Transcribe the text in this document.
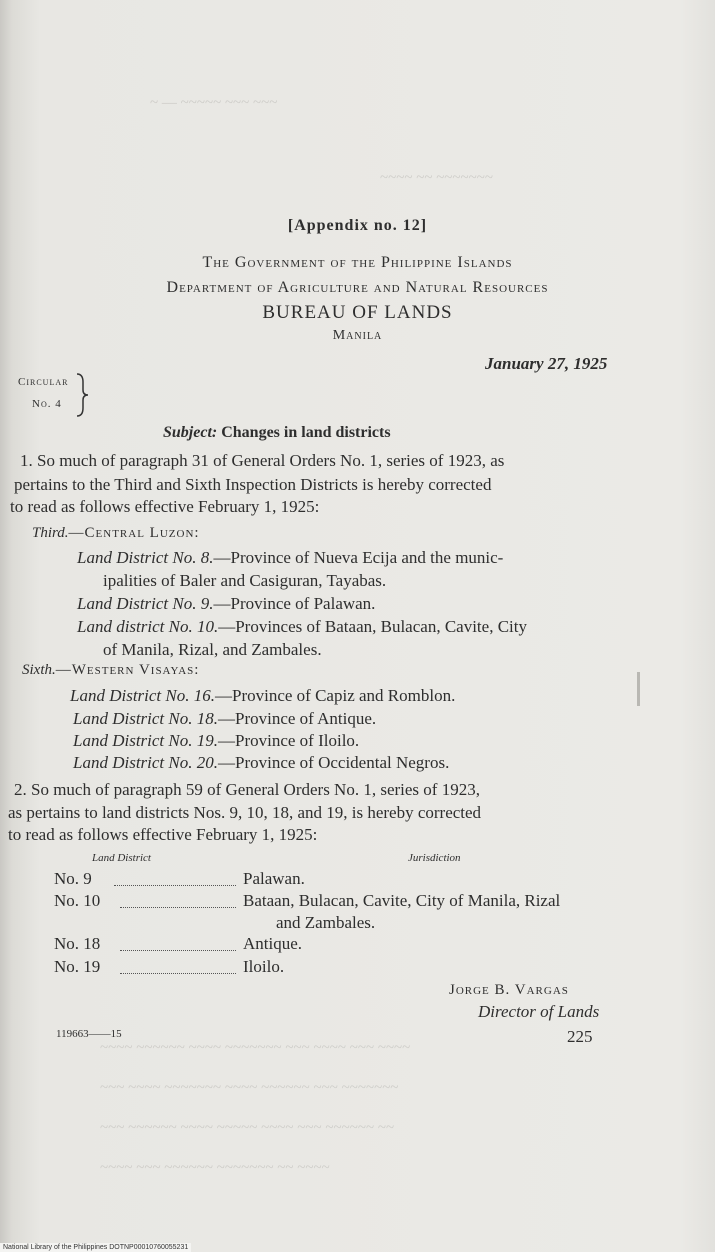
~ — ~~~~~ ~~~ ~~~
~~~~ ~~ ~~~~~~~
~~~~ ~~~~~~ ~~~~ ~~~~~~~ ~~~ ~~~~ ~~~ ~~~~
~~~ ~~~~ ~~~~~~~ ~~~~ ~~~~~~ ~~~ ~~~~~~~
~~~ ~~~~~~ ~~~~ ~~~~~ ~~~~ ~~~ ~~~~~~ ~~
~~~~ ~~~ ~~~~~~ ~~~~~~~ ~~ ~~~~
[Appendix no. 12]
The Government of the Philippine Islands
Department of Agriculture and Natural Resources
BUREAU OF LANDS
Manila
January 27, 1925
Circular
No. 4
Subject: Changes in land districts
1. So much of paragraph 31 of General Orders No. 1, series of 1923, as
pertains to the Third and Sixth Inspection Districts is hereby corrected
to read as follows effective February 1, 1925:
Third.—Central Luzon:
Land District No. 8.—Province of Nueva Ecija and the munic-
ipalities of Baler and Casiguran, Tayabas.
Land District No. 9.—Province of Palawan.
Land district No. 10.—Provinces of Bataan, Bulacan, Cavite, City
of Manila, Rizal, and Zambales.
Sixth.—Western Visayas:
Land District No. 16.—Province of Capiz and Romblon.
Land District No. 18.—Province of Antique.
Land District No. 19.—Province of Iloilo.
Land District No. 20.—Province of Occidental Negros.
2. So much of paragraph 59 of General Orders No. 1, series of 1923,
as pertains to land districts Nos. 9, 10, 18, and 19, is hereby corrected
to read as follows effective February 1, 1925:
Land District	Jurisdiction
No. 9	Palawan.
No. 10	Bataan, Bulacan, Cavite, City of Manila, Rizal
and Zambales.
No. 18	Antique.
No. 19	Iloilo.
Jorge B. Vargas
Director of Lands
119663——15	225
National Library of the Philippines DOTNP00010760055231
